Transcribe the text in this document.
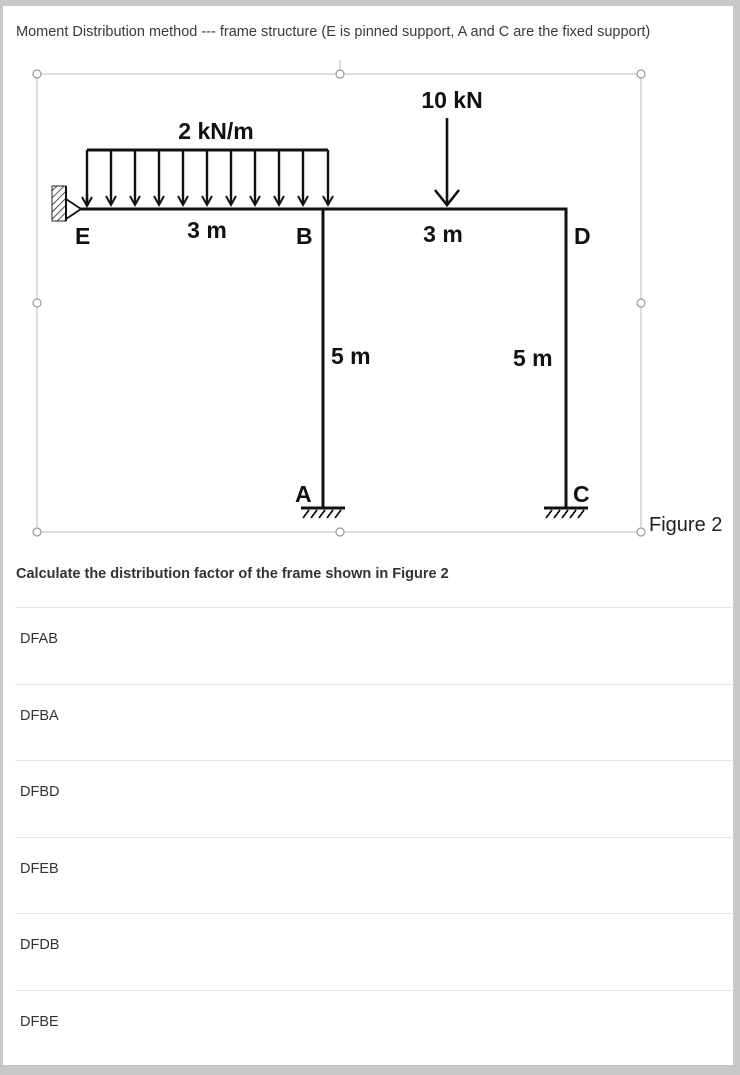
Moment Distribution method --- frame structure (E is pinned support, A and C are the fixed support)
2 kN/m
10 kN
3 m	3 m
5 m	5 m
E	B	D
A	C
Figure 2
Calculate the distribution factor of the frame shown in Figure 2
DFAB
DFBA
DFBD
DFEB
DFDB
DFBE
